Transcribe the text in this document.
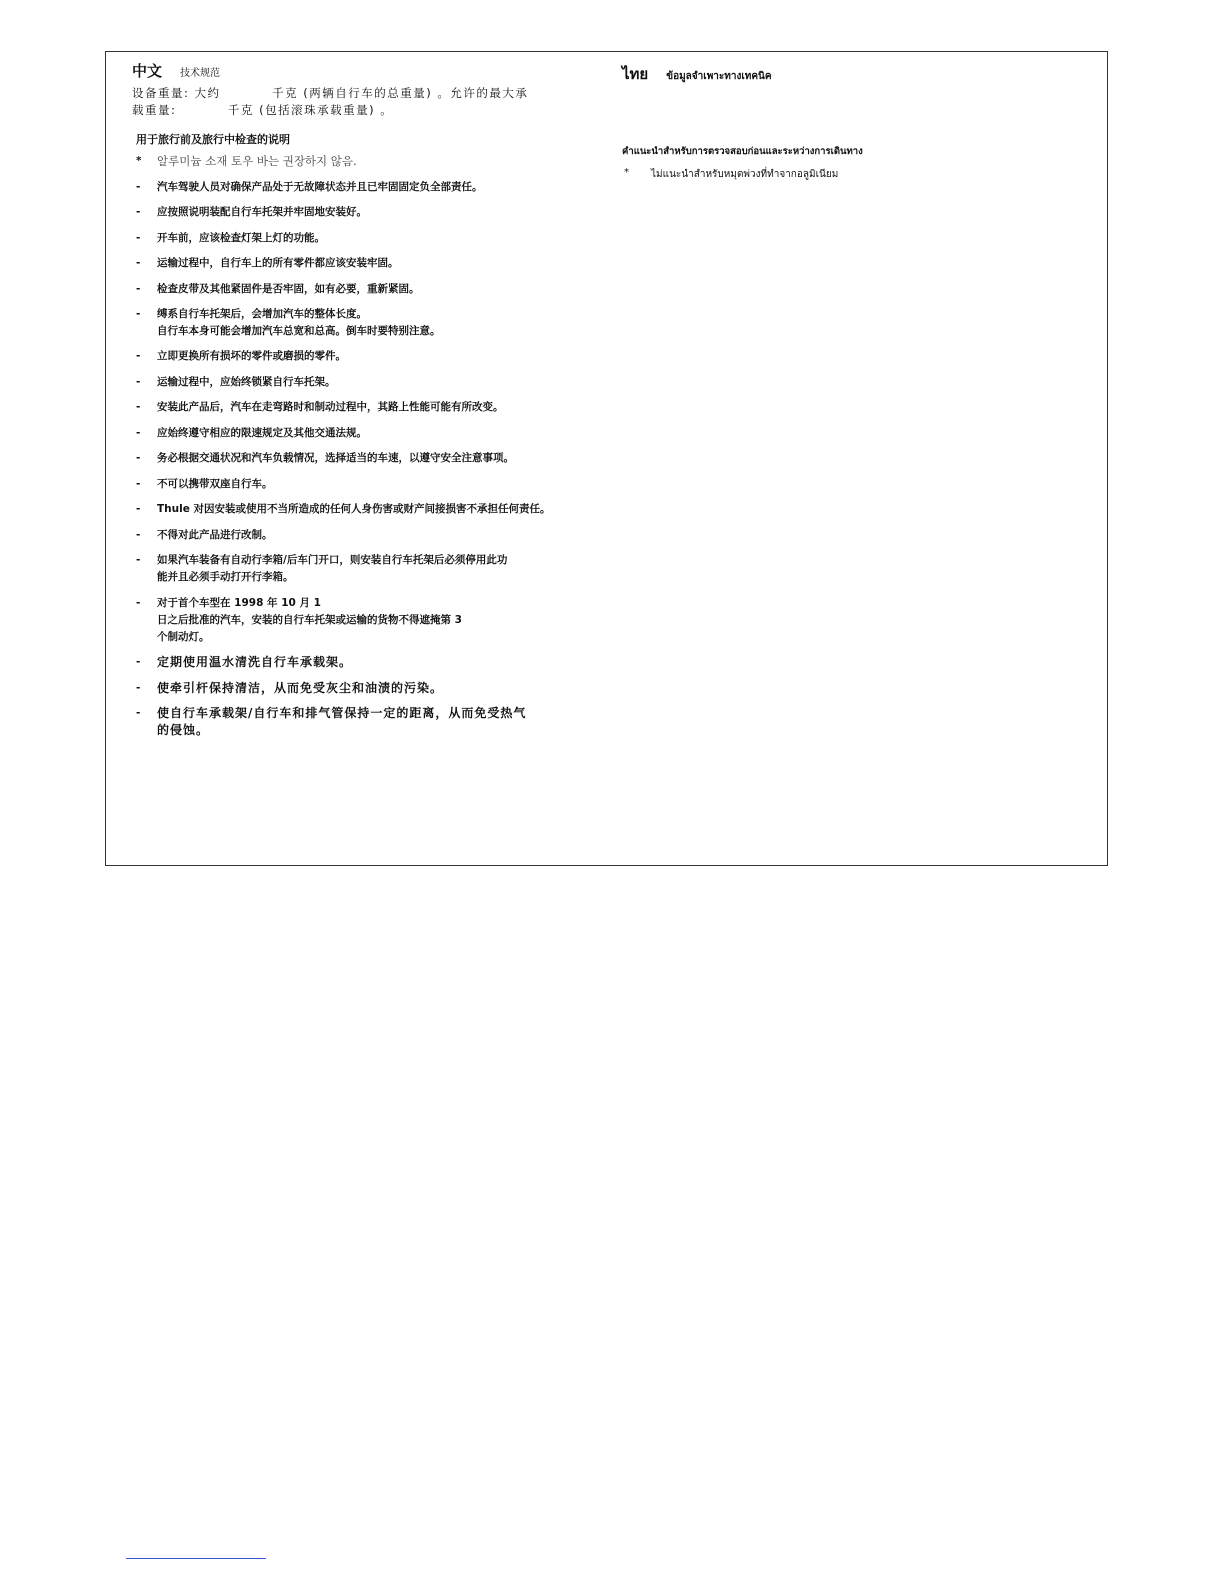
中文 技术规范
设备重量: 大约          千克 (两辆自行车的总重量) 。允许的最大承
载重量:          千克 (包括滚珠承载重量) 。
用于旅行前及旅行中检查的说明
*	알루미늄 소재 토우 바는 권장하지 않음.
-	汽车驾驶人员对确保产品处于无故障状态并且已牢固固定负全部责任。
-	应按照说明装配自行车托架并牢固地安装好。
-	开车前，应该检查灯架上灯的功能。
-	运输过程中，自行车上的所有零件都应该安装牢固。
-	检查皮带及其他紧固件是否牢固，如有必要，重新紧固。
-	缚系自行车托架后，会增加汽车的整体长度。
自行车本身可能会增加汽车总宽和总高。倒车时要特别注意。
-	立即更换所有损坏的零件或磨损的零件。
-	运输过程中，应始终锁紧自行车托架。
-	安装此产品后，汽车在走弯路时和制动过程中，其路上性能可能有所改变。
-	应始终遵守相应的限速规定及其他交通法规。
-	务必根据交通状况和汽车负载情况，选择适当的车速，以遵守安全注意事项。
-	不可以携带双座自行车。
-	Thule 对因安装或使用不当所造成的任何人身伤害或财产间接损害不承担任何责任。
-	不得对此产品进行改制。
-	如果汽车装备有自动行李箱/后车门开口，则安装自行车托架后必须停用此功
能并且必须手动打开行李箱。
-	对于首个车型在 1998 年 10 月 1
日之后批准的汽车，安装的自行车托架或运输的货物不得遮掩第 3
个制动灯。
-	定期使用温水清洗自行车承载架。
-	使牵引杆保持清洁，从而免受灰尘和油渍的污染。
-	使自行车承载架/自行车和排气管保持一定的距离，从而免受热气
的侵蚀。
ไทย ข้อมูลจำเพาะทางเทคนิค
คำแนะนำสำหรับการตรวจสอบก่อนและระหว่างการเดินทาง
*	ไม่แนะนำสำหรับหมุดพ่วงที่ทำจากอลูมิเนียม
